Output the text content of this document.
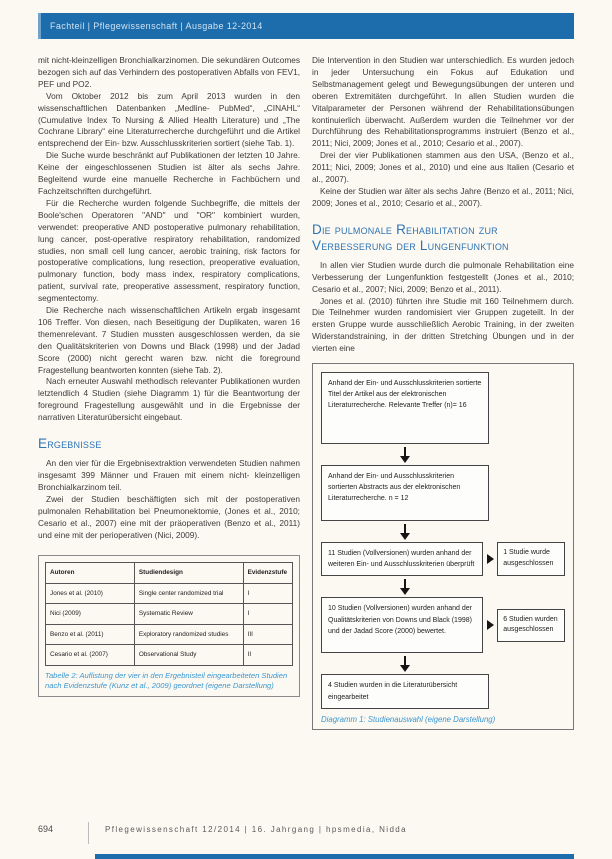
Fachteil | Pflegewissenschaft | Ausgabe 12-2014

mit nicht-kleinzelligen Bronchialkarzinomen. Die sekundären Outcomes bezogen sich auf das Verhindern des postoperativen Abfalls von FEV1, PEF und PO2.

Vom Oktober 2012 bis zum April 2013 wurden in den wissenschaftlichen Datenbanken „Medline- PubMed“, „CINAHL“ (Cumulative Index To Nursing & Allied Health Literature) und „The Cochrane Library“ eine Literaturrecherche durchgeführt und die Artikel entsprechend der Ein- bzw. Ausschlusskriterien sortiert (siehe Tab. 1).

Die Suche wurde beschränkt auf Publikationen der letzten 10 Jahre. Keine der eingeschlossenen Studien ist älter als sechs Jahre. Begleitend wurde eine manuelle Recherche in Fachbüchern und Fachzeitschriften durchgeführt.

Für die Recherche wurden folgende Suchbegriffe, die mittels der Boole'schen Operatoren "AND" und "OR" kombiniert wurden, verwendet: preoperative AND postoperative pulmonary rehabilitation, lung cancer, post-operative respiratory rehabilitation, randomized studies, non small cell lung cancer, aerobic training, risk factors for postoperative complications, lung resection, preoperative evaluation, pulmonary function, body mass index, respiratory complications, patient, survival rate, preoperative assessment, respiratory function, segmentectomy.

Die Recherche nach wissenschaftlichen Artikeln ergab insgesamt 106 Treffer. Von diesen, nach Beseitigung der Duplikaten, waren 16 themenrelevant. 7 Studien mussten ausgeschlossen werden, da sie den Qualitätskriterien von Downs und Black (1998) und der Jadad Score (2000) nicht gerecht waren bzw. nicht die foreground Fragestellung beantworten konnten (siehe Tab. 2).

Nach erneuter Auswahl methodisch relevanter Publikationen wurden letztendlich 4 Studien (siehe Diagramm 1) für die Beantwortung der foreground Fragestellung ausgewählt und in die Ergebnisse der narrativen Literaturübersicht eingebaut.

Ergebnisse

An den vier für die Ergebnisextraktion verwendeten Studien nahmen insgesamt 399 Männer und Frauen mit einem nicht- kleinzelligen Bronchialkarzinom teil.

Zwei der Studien beschäftigten sich mit der postoperativen pulmonalen Rehabilitation bei Pneumonektomie, (Jones et al., 2010; Cesario et al., 2007) eine mit der präoperativen (Benzo et al., 2011) und eine mit der perioperativen (Nici, 2009).

Autoren	Studiendesign	Evidenzstufe
Jones et al. (2010)	Single center randomized trial	I
Nici (2009)	Systematic Review	I
Benzo et al. (2011)	Exploratory randomized studies	III
Cesario et al. (2007)	Observational Study	II
Tabelle 2: Auflistung der vier in den Ergebnisteil eingearbeiteten Studien nach Evidenzstufe (Kunz et al., 2009) geordnet (eigene Darstellung)

Die Intervention in den Studien war unterschiedlich. Es wurden jedoch in jeder Untersuchung ein Fokus auf Edukation und Selbstmanagement gelegt und Bewegungsübungen der unteren und oberen Extremitäten durchgeführt. In allen Studien wurden die Vitalparameter der Personen während der Rehabilitationsübungen kontinuierlich überwacht. Außerdem wurden die Teilnehmer vor der Durchführung des Rehabilitationsprogramms instruiert (Benzo et al., 2011; Nici, 2009; Jones et al., 2010; Cesario et al., 2007).

Drei der vier Publikationen stammen aus den USA, (Benzo et al., 2011; Nici, 2009; Jones et al., 2010) und eine aus Italien (Cesario et al., 2007).

Keine der Studien war älter als sechs Jahre (Benzo et al., 2011; Nici, 2009; Jones et al., 2010; Cesario et al., 2007).

Die pulmonale Rehabilitation zur Verbesserung der Lungenfunktion

In allen vier Studien wurde durch die pulmonale Rehabilitation eine Verbesserung der Lungenfunktion festgestellt (Jones et al., 2010; Cesario et al., 2007; Nici, 2009; Benzo et al., 2011).

Jones et al. (2010) führten ihre Studie mit 160 Teilnehmern durch. Die Teilnehmer wurden randomisiert vier Gruppen zugeteilt. In der ersten Gruppe wurde ausschließlich Aerobic Training, in der zweiten Widerstandstraining, in der dritten Stretching Übungen und in der vierten eine

Anhand der Ein- und Ausschlusskriterien sortierte Titel der Artikel aus der elektronischen Literaturrecherche. Relevante Treffer (n)= 16
Anhand der Ein- und Ausschlusskriterien sortierten Abstracts aus der elektronischen Literaturrecherche. n = 12
11 Studien (Vollversionen) wurden anhand der weiteren Ein- und Ausschlusskriterien überprüft
1 Studie wurde ausgeschlossen
10 Studien (Vollversionen) wurden anhand der Qualitätskriterien von Downs und Black (1998) und der Jadad Score (2000) bewertet.
6 Studien wurden ausgeschlossen
4 Studien wurden in die Literaturübersicht eingearbeitet
Diagramm 1: Studienauswahl (eigene Darstellung)
694	Pflegewissenschaft 12/2014 | 16. Jahrgang | hpsmedia, Nidda
